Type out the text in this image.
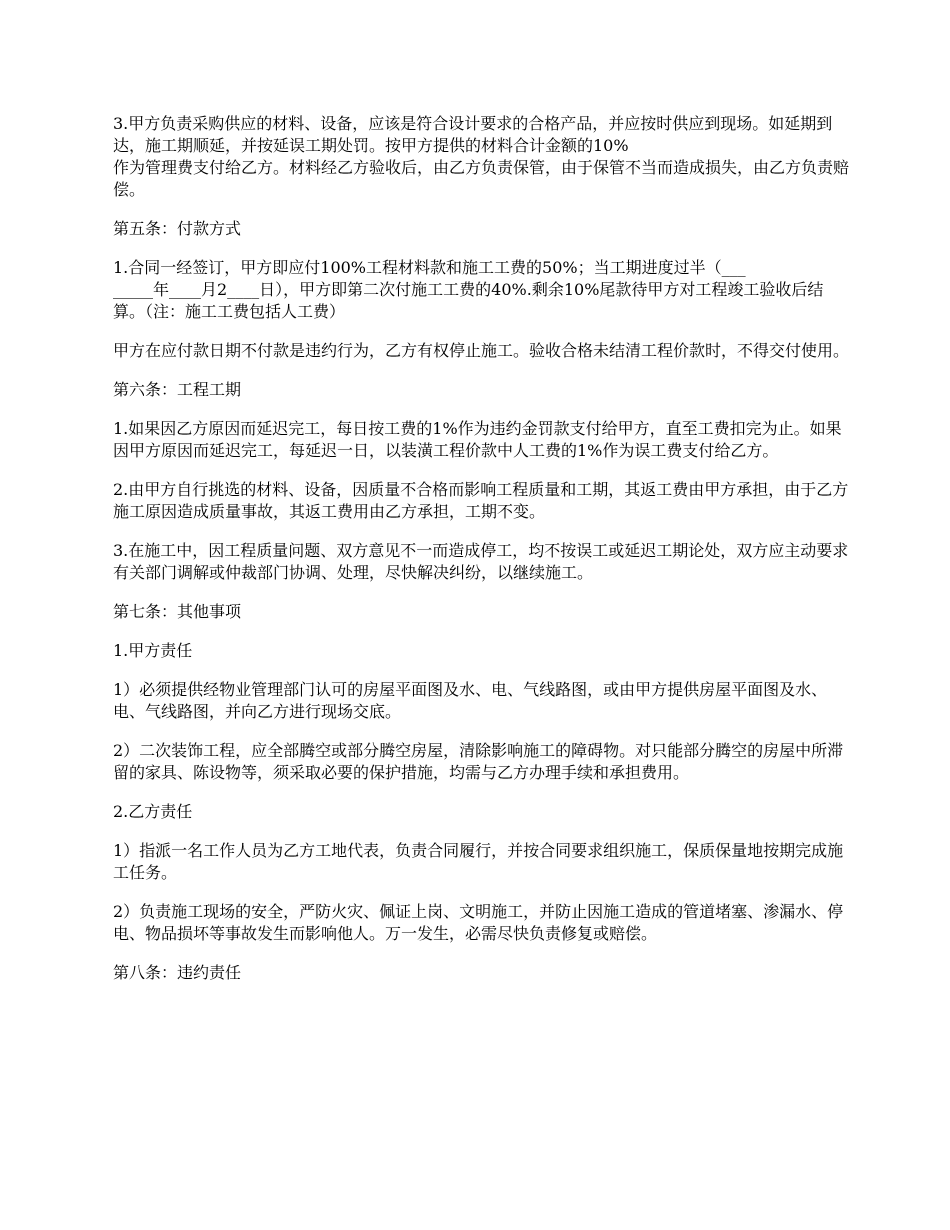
3.甲方负责采购供应的材料、设备，应该是符合设计要求的合格产品，并应按时供应到现场。如延期到达，施工期顺延，并按延误工期处罚。按甲方提供的材料合计金额的10%
作为管理费支付给乙方。材料经乙方验收后，由乙方负责保管，由于保管不当而造成损失，由乙方负责赔偿。

第五条：付款方式

1.合同一经签订，甲方即应付100%工程材料款和施工工费的50%；当工期进度过半（___
_____年____月2____日），甲方即第二次付施工工费的40%.剩余10%尾款待甲方对工程竣工验收后结算。（注：施工工费包括人工费）

甲方在应付款日期不付款是违约行为，乙方有权停止施工。验收合格未结清工程价款时，不得交付使用。

第六条：工程工期

1.如果因乙方原因而延迟完工，每日按工费的1%作为违约金罚款支付给甲方，直至工费扣完为止。如果因甲方原因而延迟完工，每延迟一日，以装潢工程价款中人工费的1%作为误工费支付给乙方。

2.由甲方自行挑选的材料、设备，因质量不合格而影响工程质量和工期，其返工费由甲方承担，由于乙方施工原因造成质量事故，其返工费用由乙方承担，工期不变。

3.在施工中，因工程质量问题、双方意见不一而造成停工，均不按误工或延迟工期论处，双方应主动要求有关部门调解或仲裁部门协调、处理，尽快解决纠纷，以继续施工。

第七条：其他事项

1.甲方责任

1）必须提供经物业管理部门认可的房屋平面图及水、电、气线路图，或由甲方提供房屋平面图及水、电、气线路图，并向乙方进行现场交底。

2）二次装饰工程，应全部腾空或部分腾空房屋，清除影响施工的障碍物。对只能部分腾空的房屋中所滞留的家具、陈设物等，须采取必要的保护措施，均需与乙方办理手续和承担费用。

2.乙方责任

1）指派一名工作人员为乙方工地代表，负责合同履行，并按合同要求组织施工，保质保量地按期完成施工任务。

2）负责施工现场的安全，严防火灾、佩证上岗、文明施工，并防止因施工造成的管道堵塞、渗漏水、停电、物品损坏等事故发生而影响他人。万一发生，必需尽快负责修复或赔偿。

第八条：违约责任
